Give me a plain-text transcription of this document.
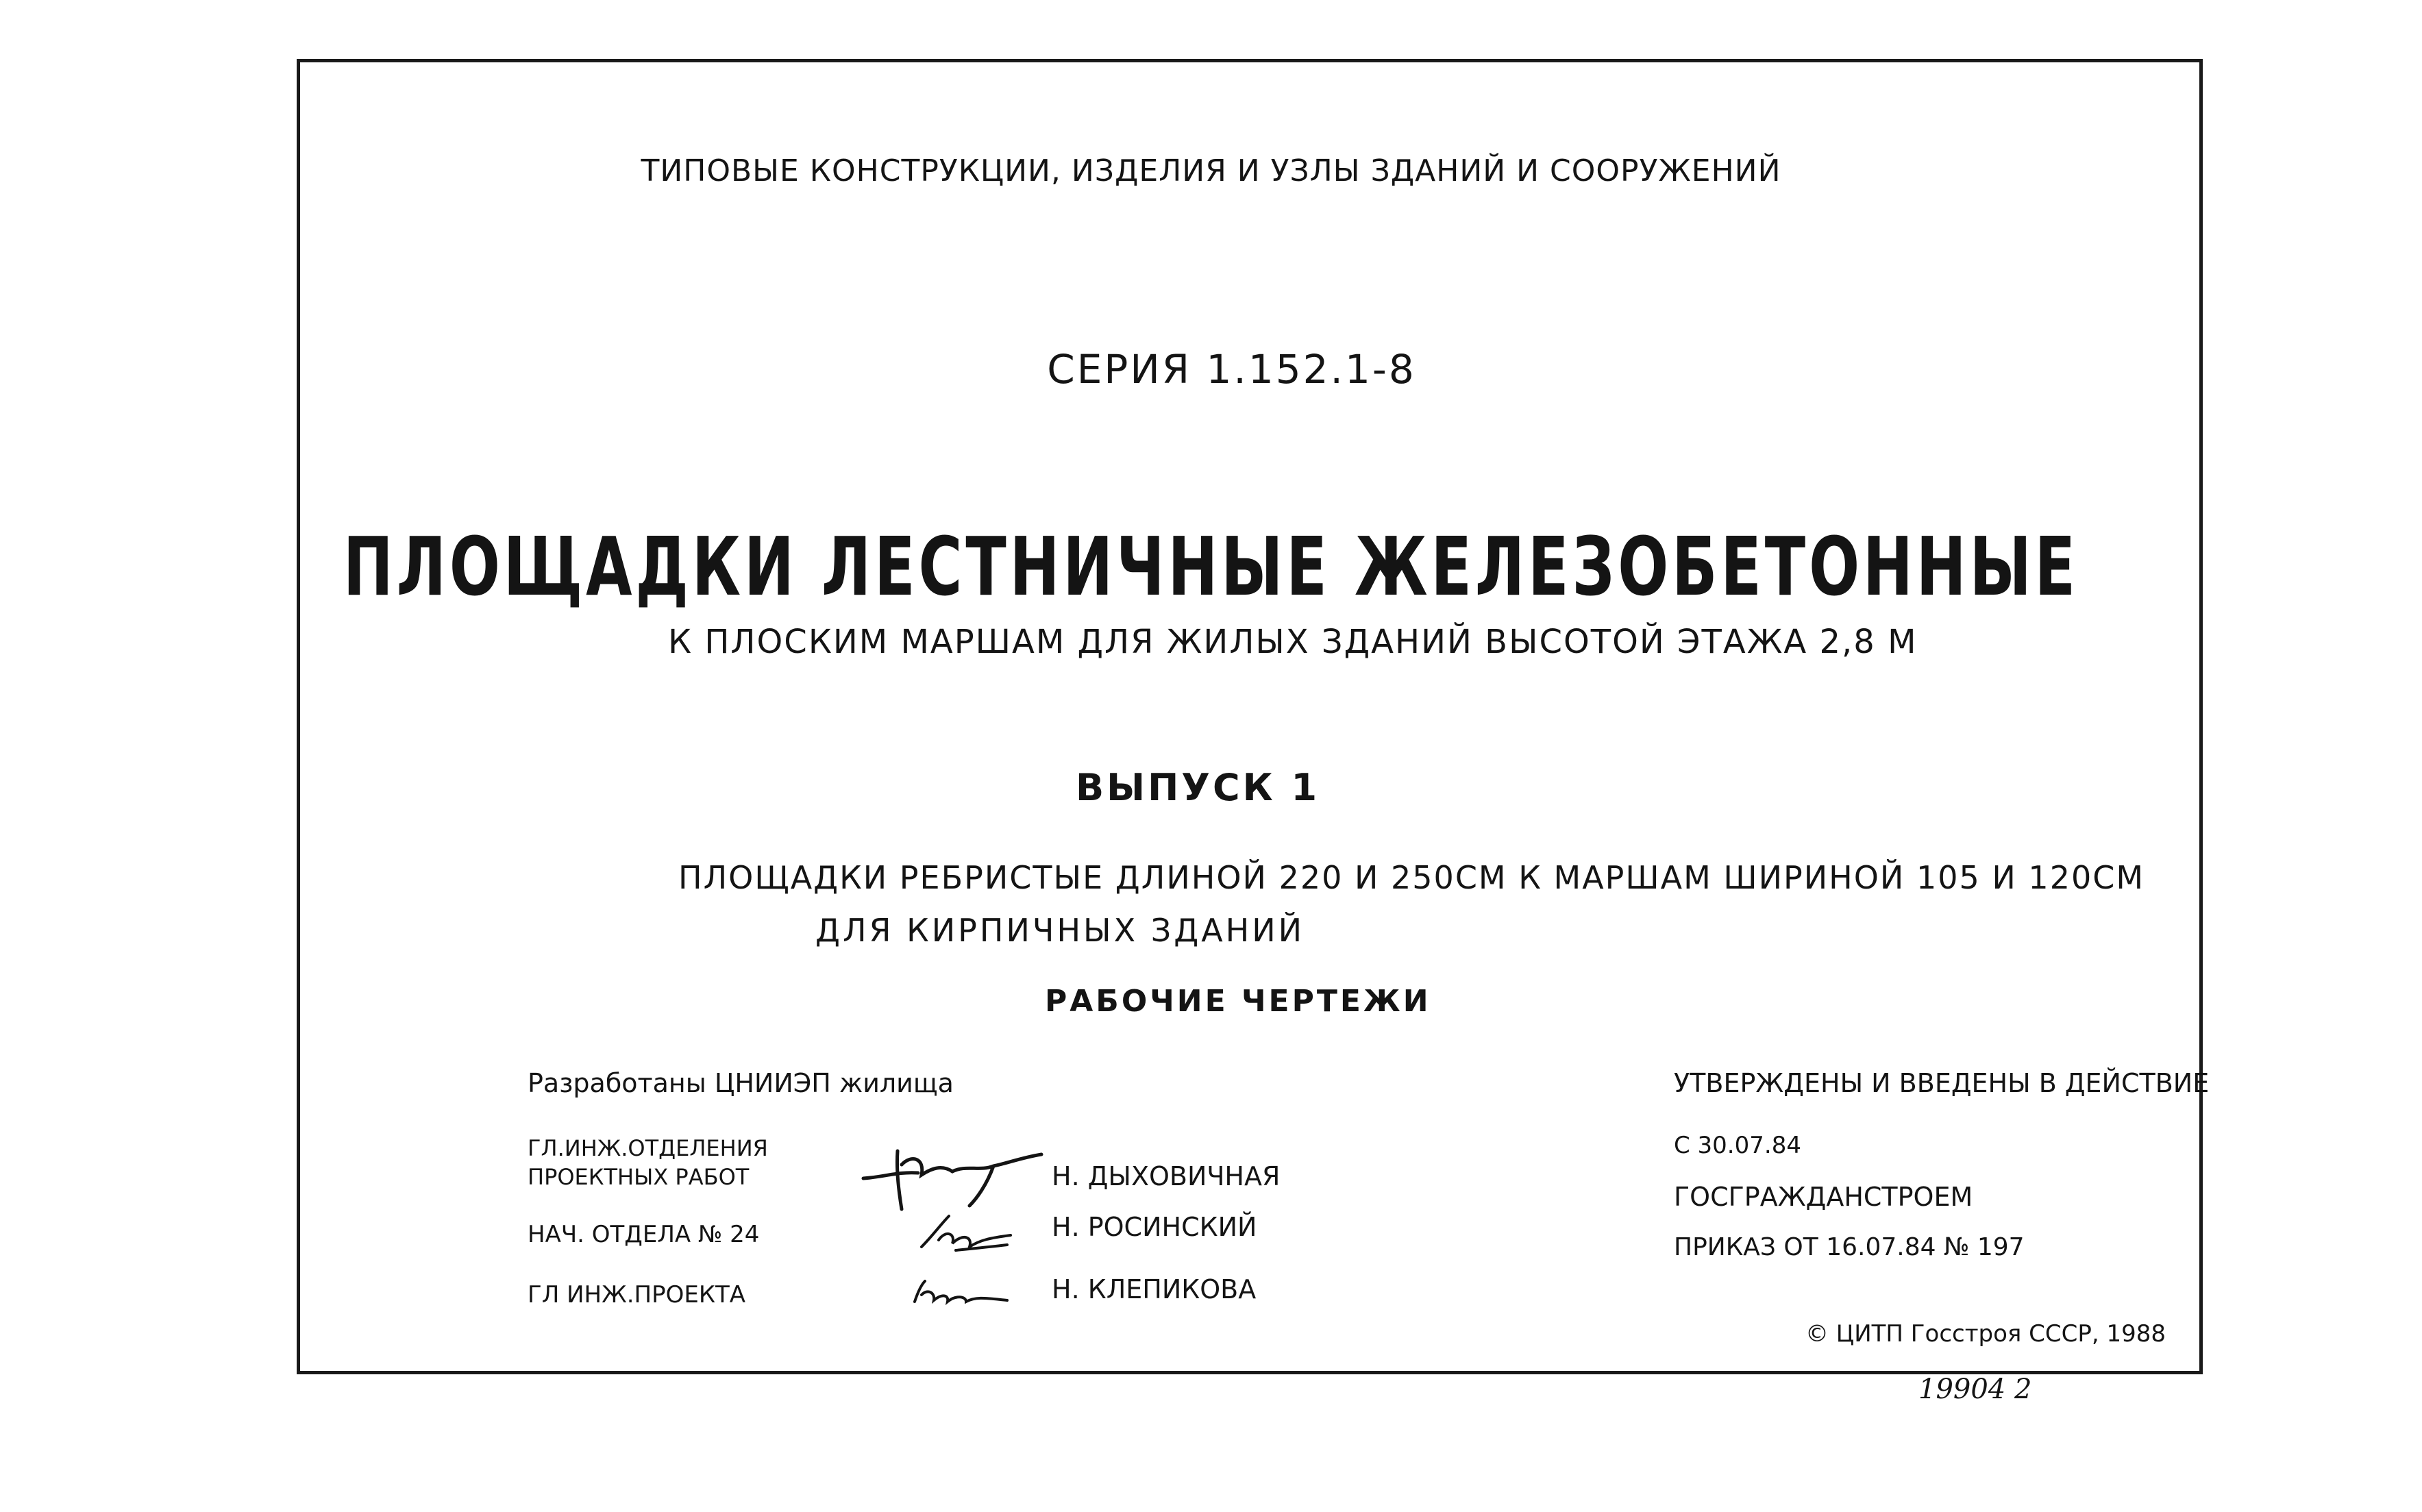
ТИПОВЫЕ КОНСТРУКЦИИ, ИЗДЕЛИЯ И УЗЛЫ ЗДАНИЙ И СООРУЖЕНИЙ
СЕРИЯ 1.152.1-8
ПЛОЩАДКИ ЛЕСТНИЧНЫЕ ЖЕЛЕЗОБЕТОННЫЕ
К ПЛОСКИМ МАРШАМ ДЛЯ ЖИЛЫХ ЗДАНИЙ ВЫСОТОЙ ЭТАЖА 2,8 М
ВЫПУСК 1
ПЛОЩАДКИ РЕБРИСТЫЕ ДЛИНОЙ 220 И 250СМ К МАРШАМ ШИРИНОЙ 105 И 120СМ
ДЛЯ КИРПИЧНЫХ ЗДАНИЙ
РАБОЧИЕ ЧЕРТЕЖИ
Разработаны ЦНИИЭП жилища
ГЛ.ИНЖ.ОТДЕЛЕНИЯ
ПРОЕКТНЫХ РАБОТ
НАЧ. ОТДЕЛА № 24
ГЛ ИНЖ.ПРОЕКТА
Н. ДЫХОВИЧНАЯ
Н. РОСИНСКИЙ
Н. КЛЕПИКОВА
УТВЕРЖДЕНЫ И ВВЕДЕНЫ В ДЕЙСТВИЕ
С 30.07.84
ГОСГРАЖДАНСТРОЕМ
ПРИКАЗ ОТ 16.07.84 № 197
© ЦИТП Госстроя СССР, 1988
19904 2
